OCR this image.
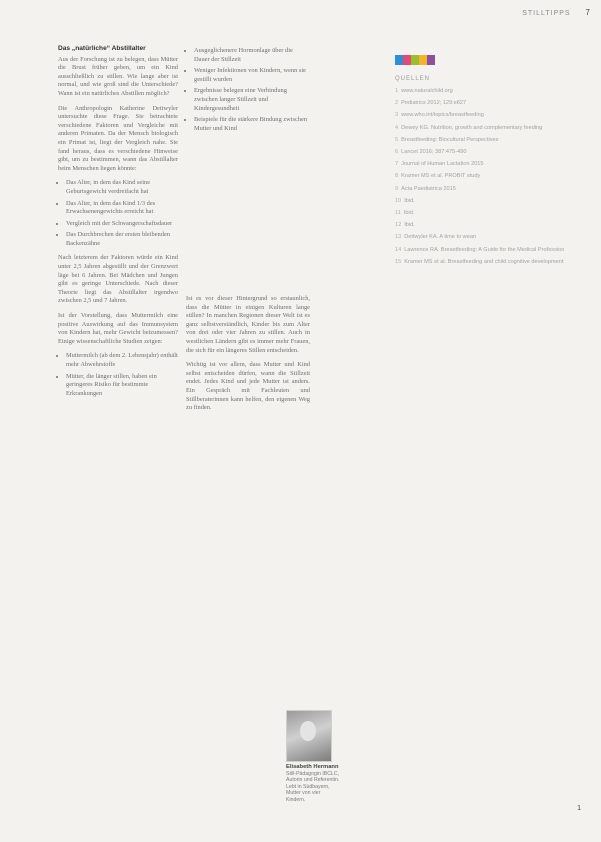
STILLTIPPS 7
Das „natürliche“ Abstillalter

Aus der Forschung ist zu belegen, dass Mütter die Brust früher geben, um ein Kind ausschließlich zu stillen. Wie lange aber ist normal, und wie groß sind die Unterschiede? Wann ist ein natürliches Abstillen möglich?

Die Anthropologin Katherine Dettwyler untersuchte diese Frage. Sie betrachtete verschiedene Faktoren und Vergleiche mit anderen Primaten. Da der Mensch biologisch ein Primat ist, liegt der Vergleich nahe. Sie fand heraus, dass es verschiedene Hinweise gibt, um zu bestimmen, wann das Abstillalter beim Menschen liegen könnte:

• Das Alter, in dem das Kind seine Geburtsgewicht verdreifacht hat
• Das Alter, in dem das Kind 1/3 des Erwachsenengewichts erreicht hat
• Vergleich mit der Schwangerschaftsdauer
• Das Durchbrechen der ersten bleibenden Backenzähne

Nach letzterem der Faktoren würde ein Kind unter 2,5 Jahren abgestillt und der Grenzwert läge bei 6 Jahren. Bei Mädchen und Jungen gibt es geringe Unterschiede. Nach dieser Theorie liegt das Abstillalter irgendwo zwischen 2,5 und 7 Jahren.

Ist der Vorstellung, dass Muttermilch eine positive Auswirkung auf das Immunsystem von Kindern hat, mehr Gewicht beizumessen? Einige wissenschaftliche Studien zeigen:

• Muttermilch (ab dem 2. Lebensjahr) enthält mehr Abwehrstoffe
• Mütter, die länger stillen, haben ein geringeres Risiko für bestimmte Erkrankungen
• Ausgeglichenere Hormonlage über die Dauer der Stillzeit
• Weniger Infektionen von Kindern, wenn sie gestillt wurden
• Ergebnisse belegen eine Verbindung zwischen langer Stillzeit und Kindergesundheit
• Beispiele für die stärkere Bindung zwischen Mutter und Kind

Ist es vor dieser Hintergrund so erstaunlich, dass die Mütter in einigen Kulturen lange stillen? In manchen Regionen dieser Welt ist es ganz selbstverständlich, Kinder bis zum Alter von drei oder vier Jahren zu stillen. Auch in westlichen Ländern gibt es immer mehr Frauen, die sich für ein längeres Stillen entscheiden.

Wichtig ist vor allem, dass Mutter und Kind selbst entscheiden dürfen, wann die Stillzeit endet. Jedes Kind und jede Mutter ist anders. Ein Gespräch mit Fachleuten und Stillberaterinnen kann helfen, den eigenen Weg zu finden.

Elisabeth Hermann
Still-Pädagogin IBCLC, Autorin und Referentin. Lebt in Südbayern, Mutter von vier Kindern.
QUELLEN
1 www.naturalchild.org
2 Pediatrics 2012; 129:e827
3 www.who.int/topics/breastfeeding
4 Dewey KG. Nutrition, growth and complementary feeding
5 Breastfeeding: Biocultural Perspectives
6 Lancet 2016; 387:475-490
7 Journal of Human Lactation 2015
8 Kramer MS et al. PROBIT study
9 Acta Paediatrica 2015
10 Ibid.
11 Ibid.
12 Ibid.
13 Dettwyler KA. A time to wean
14 Lawrence RA. Breastfeeding: A Guide for the Medical Profession
15 Kramer MS et al. Breastfeeding and child cognitive development
1
